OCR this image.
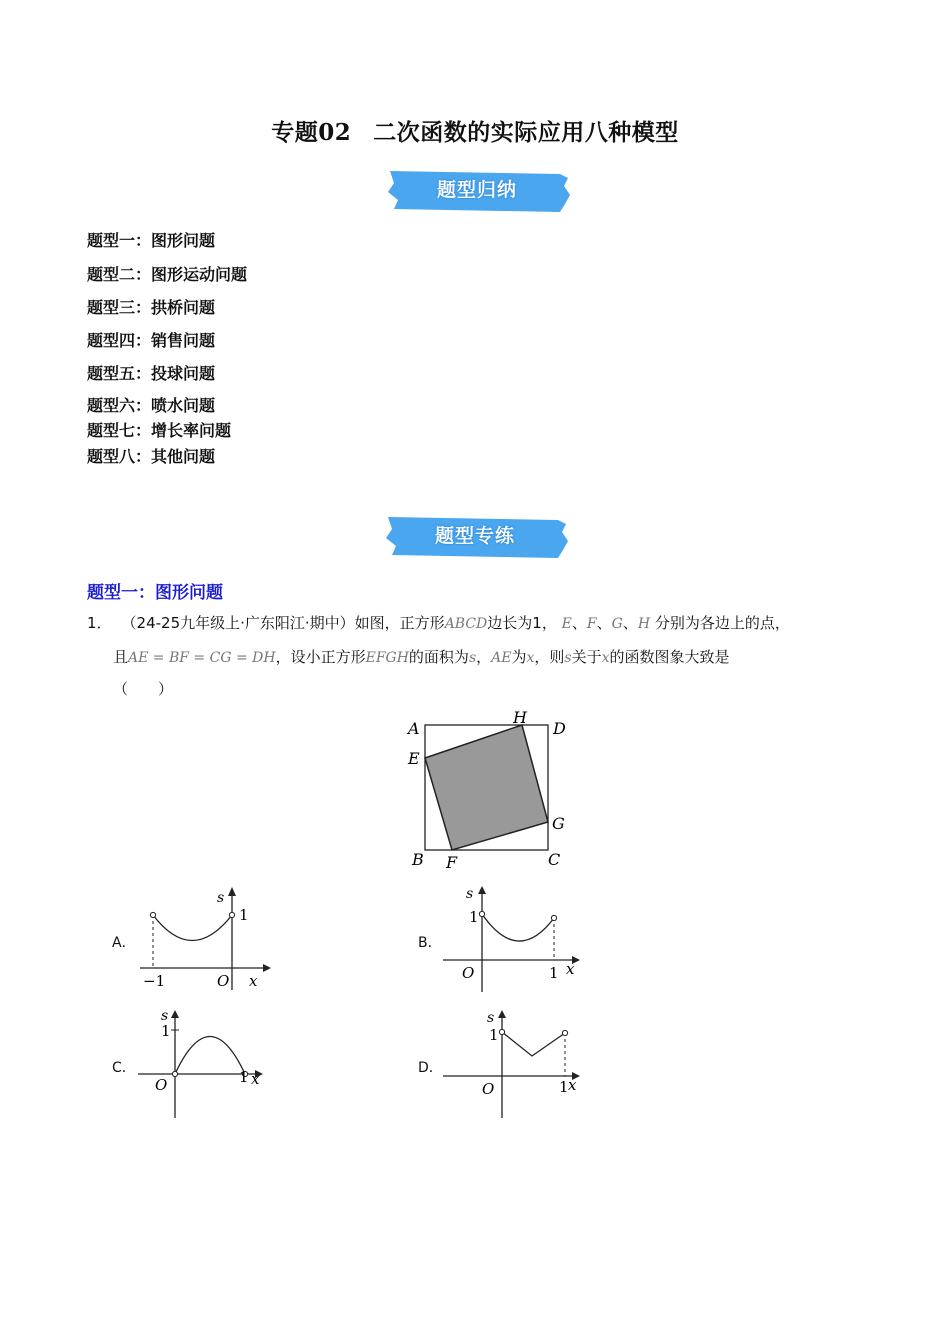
专题02 二次函数的实际应用八种模型
题型归纳
题型一：图形问题
题型二：图形运动问题
题型三：拱桥问题
题型四：销售问题
题型五：投球问题
题型六：喷水问题
题型七：增长率问题
题型八：其他问题
题型专练
题型一：图形问题
1． （24-25九年级上·广东阳江·期中）如图，正方形ABCD边长为1， E、F、G、H 分别为各边上的点，
且AE = BF = CG = DH，设小正方形EFGH的面积为s，AE为x，则s关于x的函数图象大致是
（　　）
A
H
D
E
G
B F	C
A．
s
1
−1	O x
B．
s
1
O	1 x
C．
s
1
O	1 x
D．
s
1
O	1 x
